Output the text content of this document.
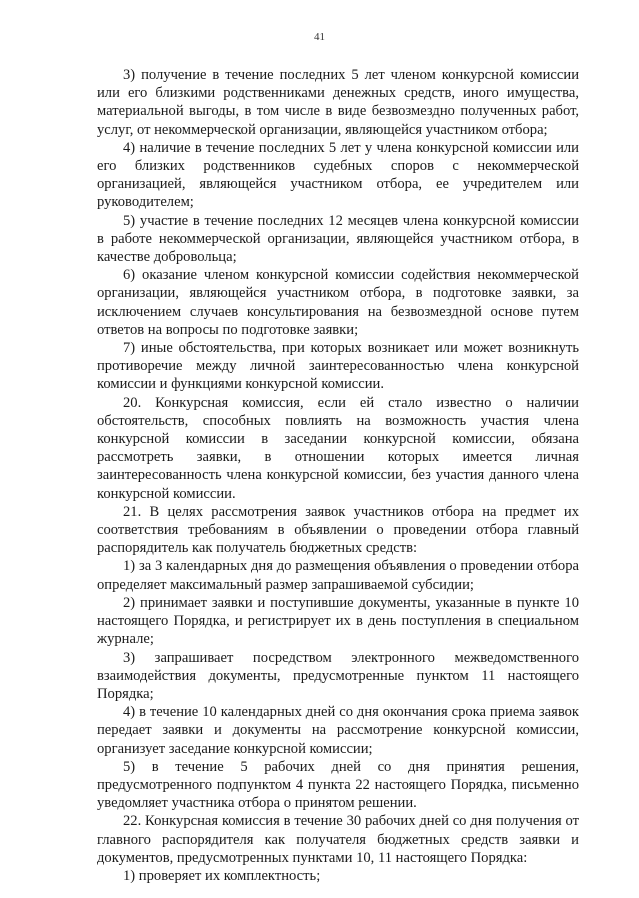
41

3) получение в течение последних 5 лет членом конкурсной комиссии или его близкими родственниками денежных средств, иного имущества, материальной выгоды, в том числе в виде безвозмездно полученных работ, услуг, от некоммерческой организации, являющейся участником отбора;

4) наличие в течение последних 5 лет у члена конкурсной комиссии или его близких родственников судебных споров с некоммерческой организацией, являющейся участником отбора, ее учредителем или руководителем;

5) участие в течение последних 12 месяцев члена конкурсной комиссии в работе некоммерческой организации, являющейся участником отбора, в качестве добровольца;

6) оказание членом конкурсной комиссии содействия некоммерческой организации, являющейся участником отбора, в подготовке заявки, за исключением случаев консультирования на безвозмездной основе путем ответов на вопросы по подготовке заявки;

7) иные обстоятельства, при которых возникает или может возникнуть противоречие между личной заинтересованностью члена конкурсной комиссии и функциями конкурсной комиссии.

20. Конкурсная комиссия, если ей стало известно о наличии обстоятельств, способных повлиять на возможность участия члена конкурсной комиссии в заседании конкурсной комиссии, обязана рассмотреть заявки, в отношении которых имеется личная заинтересованность члена конкурсной комиссии, без участия данного члена конкурсной комиссии.

21. В целях рассмотрения заявок участников отбора на предмет их соответствия требованиям в объявлении о проведении отбора главный распорядитель как получатель бюджетных средств:

1) за 3 календарных дня до размещения объявления о проведении отбора определяет максимальный размер запрашиваемой субсидии;

2) принимает заявки и поступившие документы, указанные в пункте 10 настоящего Порядка, и регистрирует их в день поступления в специальном журнале;

3) запрашивает посредством электронного межведомственного взаимодействия документы, предусмотренные пунктом 11 настоящего Порядка;

4) в течение 10 календарных дней со дня окончания срока приема заявок передает заявки и документы на рассмотрение конкурсной комиссии, организует заседание конкурсной комиссии;

5) в течение 5 рабочих дней со дня принятия решения, предусмотренного подпунктом 4 пункта 22 настоящего Порядка, письменно уведомляет участника отбора о принятом решении.

22. Конкурсная комиссия в течение 30 рабочих дней со дня получения от главного распорядителя как получателя бюджетных средств заявки и документов, предусмотренных пунктами 10, 11 настоящего Порядка:

1) проверяет их комплектность;
